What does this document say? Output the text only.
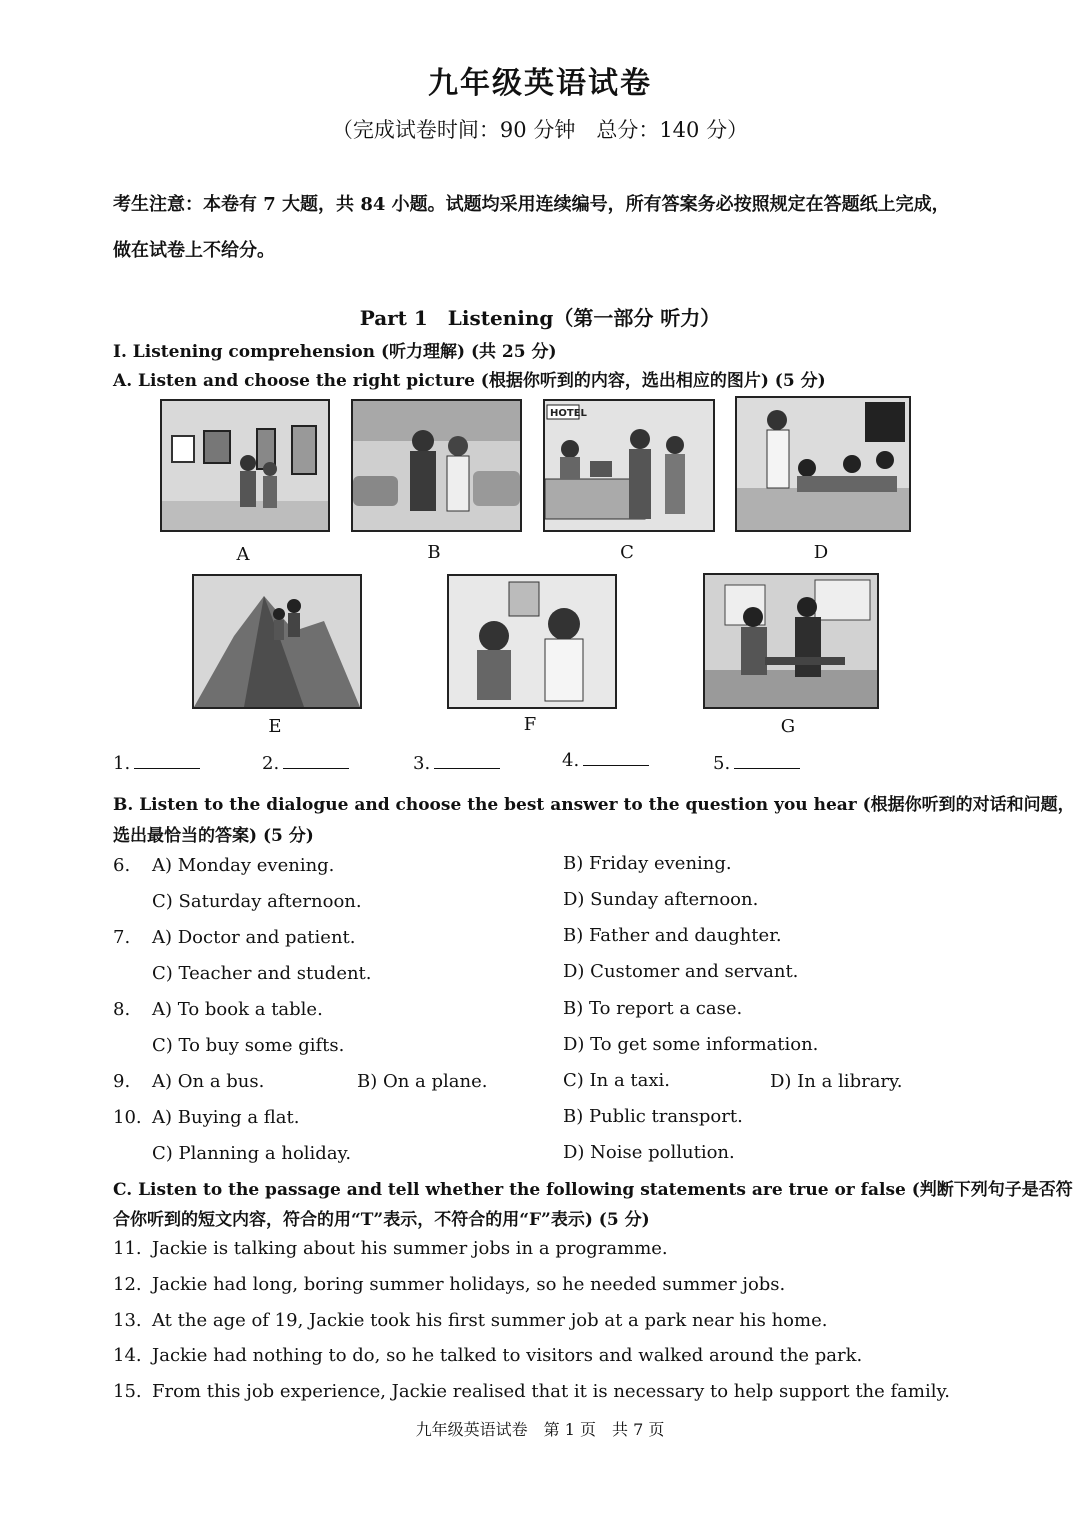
九年级英语试卷
（完成试卷时间：90 分钟　总分：140 分）
考生注意：本卷有 7 大题，共 84 小题。试题均采用连续编号，所有答案务必按照规定在答题纸上完成，
做在试卷上不给分。
Part 1　Listening（第一部分 听力）
I. Listening comprehension (听力理解) (共 25 分)
A. Listen and choose the right picture (根据你听到的内容，选出相应的图片) (5 分)
HOTEL
A	B	C	D
E	F	G
1.	2.	3.	4.	5.
B. Listen to the dialogue and choose the best answer to the question you hear (根据你听到的对话和问题，
选出最恰当的答案) (5 分)
6. A) Monday evening.	B) Friday evening.
C) Saturday afternoon.	D) Sunday afternoon.
7. A) Doctor and patient.	B) Father and daughter.
C) Teacher and student.	D) Customer and servant.
8. A) To book a table.	B) To report a case.
C) To buy some gifts.	D) To get some information.
9. A) On a bus.	B) On a plane.	C) In a taxi.	D) In a library.
10. A) Buying a flat.	B) Public transport.
C) Planning a holiday.	D) Noise pollution.
C. Listen to the passage and tell whether the following statements are true or false (判断下列句子是否符
合你听到的短文内容，符合的用“T”表示，不符合的用“F”表示) (5 分)
11. Jackie is talking about his summer jobs in a programme.
12. Jackie had long, boring summer holidays, so he needed summer jobs.
13. At the age of 19, Jackie took his first summer job at a park near his home.
14. Jackie had nothing to do, so he talked to visitors and walked around the park.
15. From this job experience, Jackie realised that it is necessary to help support the family.
九年级英语试卷　第 1 页　共 7 页
